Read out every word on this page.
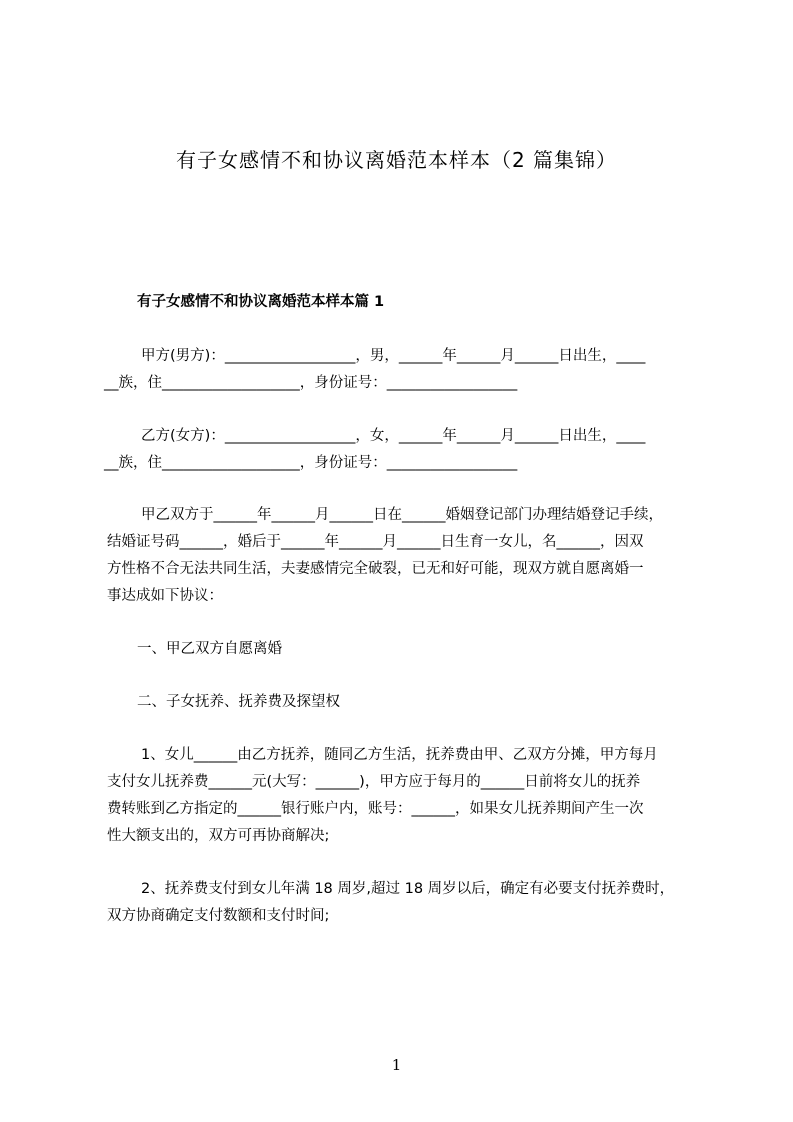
有子女感情不和协议离婚范本样本（2 篇集锦）
有子女感情不和协议离婚范本样本篇 1
甲方(男方)：__________________，男，______年______月______日出生，____
__族，住___________________，身份证号：__________________
乙方(女方)：__________________，女，______年______月______日出生，____
__族，住___________________，身份证号：__________________
甲乙双方于______年______月______日在______婚姻登记部门办理结婚登记手续，
结婚证号码______，婚后于______年______月______日生育一女儿，名______，因双
方性格不合无法共同生活，夫妻感情完全破裂，已无和好可能，现双方就自愿离婚一
事达成如下协议：
一、甲乙双方自愿离婚
二、子女抚养、抚养费及探望权
1、女儿______由乙方抚养，随同乙方生活，抚养费由甲、乙双方分摊，甲方每月
支付女儿抚养费______元(大写：______)，甲方应于每月的______日前将女儿的抚养
费转账到乙方指定的______银行账户内，账号：______，如果女儿抚养期间产生一次
性大额支出的，双方可再协商解决;
2、抚养费支付到女儿年满 18 周岁,超过 18 周岁以后，确定有必要支付抚养费时，
双方协商确定支付数额和支付时间;
1
